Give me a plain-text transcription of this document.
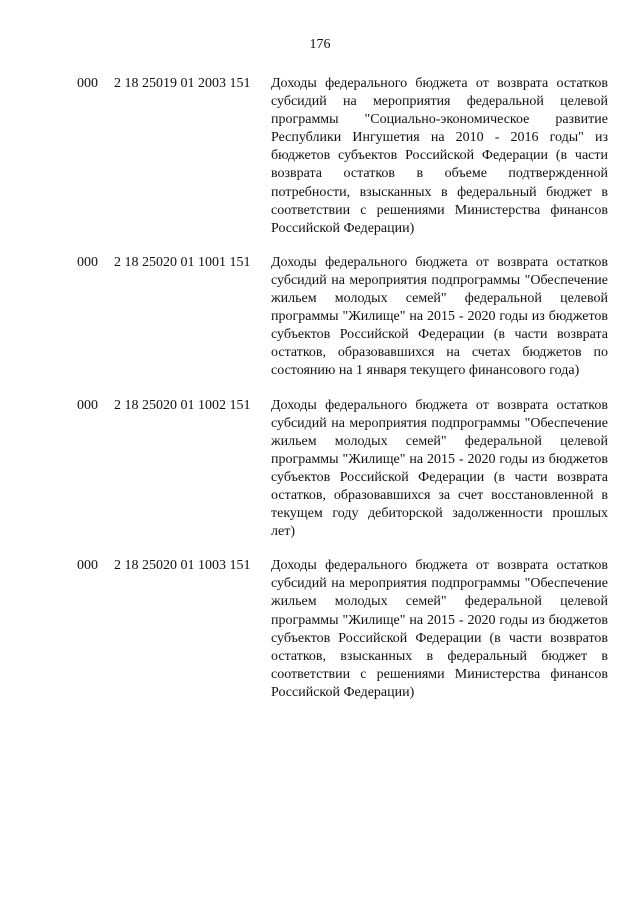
176
000 2 18 25019 01 2003 151 Доходы федерального бюджета от возврата остатков субсидий на мероприятия федеральной целевой программы "Социально-экономическое развитие Республики Ингушетия на 2010 - 2016 годы" из бюджетов субъектов Российской Федерации (в части возврата остатков в объеме подтвержденной потребности, взысканных в федеральный бюджет в соответствии с решениями Министерства финансов Российской Федерации)
000 2 18 25020 01 1001 151 Доходы федерального бюджета от возврата остатков субсидий на мероприятия подпрограммы "Обеспечение жильем молодых семей" федеральной целевой программы "Жилище" на 2015 - 2020 годы из бюджетов субъектов Российской Федерации (в части возврата остатков, образовавшихся на счетах бюджетов по состоянию на 1 января текущего финансового года)
000 2 18 25020 01 1002 151 Доходы федерального бюджета от возврата остатков субсидий на мероприятия подпрограммы "Обеспечение жильем молодых семей" федеральной целевой программы "Жилище" на 2015 - 2020 годы из бюджетов субъектов Российской Федерации (в части возврата остатков, образовавшихся за счет восстановленной в текущем году дебиторской задолженности прошлых лет)
000 2 18 25020 01 1003 151 Доходы федерального бюджета от возврата остатков субсидий на мероприятия подпрограммы "Обеспечение жильем молодых семей" федеральной целевой программы "Жилище" на 2015 - 2020 годы из бюджетов субъектов Российской Федерации (в части возвратов остатков, взысканных в федеральный бюджет в соответствии с решениями Министерства финансов Российской Федерации)
